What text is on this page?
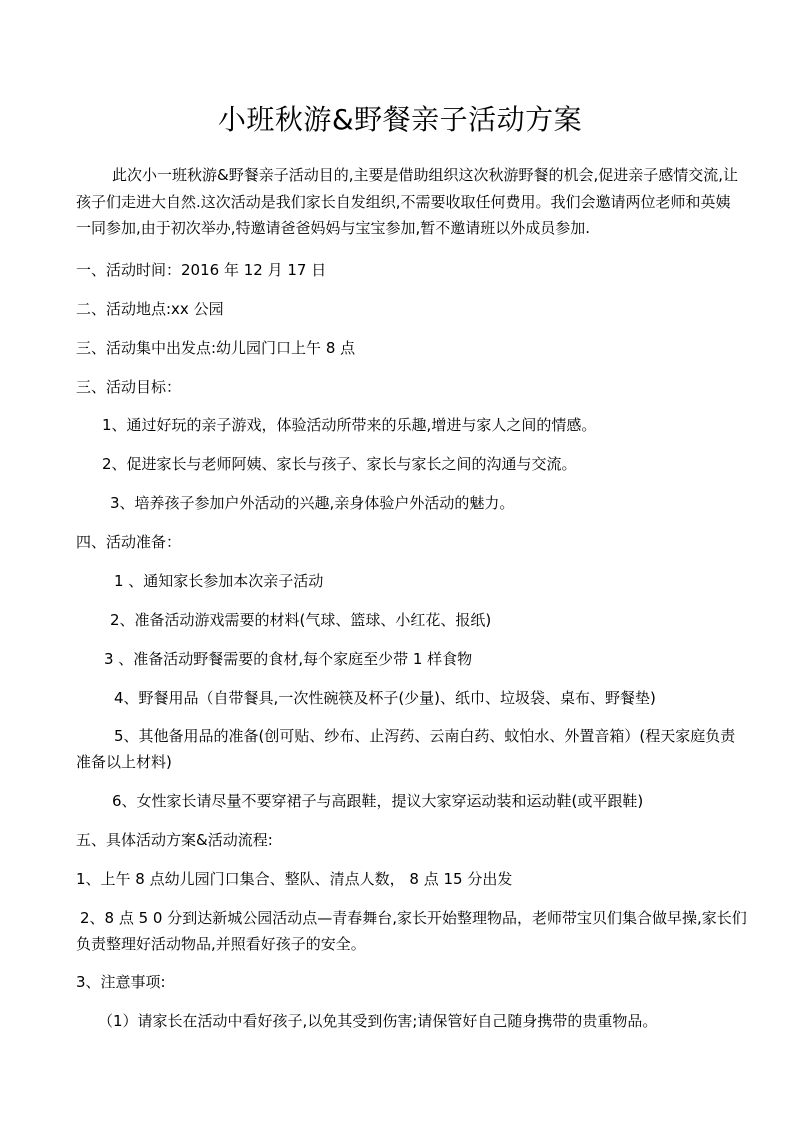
小班秋游&野餐亲子活动方案
此次小一班秋游&野餐亲子活动目的,主要是借助组织这次秋游野餐的机会,促进亲子感情交流,让
孩子们走进大自然.这次活动是我们家长自发组织,不需要收取任何费用。我们会邀请两位老师和英姨
一同参加,由于初次举办,特邀请爸爸妈妈与宝宝参加,暂不邀请班以外成员参加.
一、活动时间：2016 年 12 月 17 日
二、活动地点:xx 公园
三、活动集中出发点:幼儿园门口上午 8 点
三、活动目标：
1、通过好玩的亲子游戏，体验活动所带来的乐趣,增进与家人之间的情感。
2、促进家长与老师阿姨、家长与孩子、家长与家长之间的沟通与交流。
3、培养孩子参加户外活动的兴趣,亲身体验户外活动的魅力。
四、活动准备：
1 、通知家长参加本次亲子活动
2、准备活动游戏需要的材料(气球、篮球、小红花、报纸)
3 、准备活动野餐需要的食材,每个家庭至少带 1 样食物
4、野餐用品（自带餐具,一次性碗筷及杯子(少量)、纸巾、垃圾袋、桌布、野餐垫)
5、其他备用品的准备(创可贴、纱布、止泻药、云南白药、蚊怕水、外置音箱）(程天家庭负责
准备以上材料)
6、女性家长请尽量不要穿裙子与高跟鞋，提议大家穿运动装和运动鞋(或平跟鞋)
五、具体活动方案&活动流程:
1、上午 8 点幼儿园门口集合、整队、清点人数， 8 点 15 分出发
2、8 点 5 0 分到达新城公园活动点—青春舞台,家长开始整理物品，老师带宝贝们集合做早操,家长们
负责整理好活动物品,并照看好孩子的安全。
3、注意事项:
（1）请家长在活动中看好孩子,以免其受到伤害;请保管好自己随身携带的贵重物品。
